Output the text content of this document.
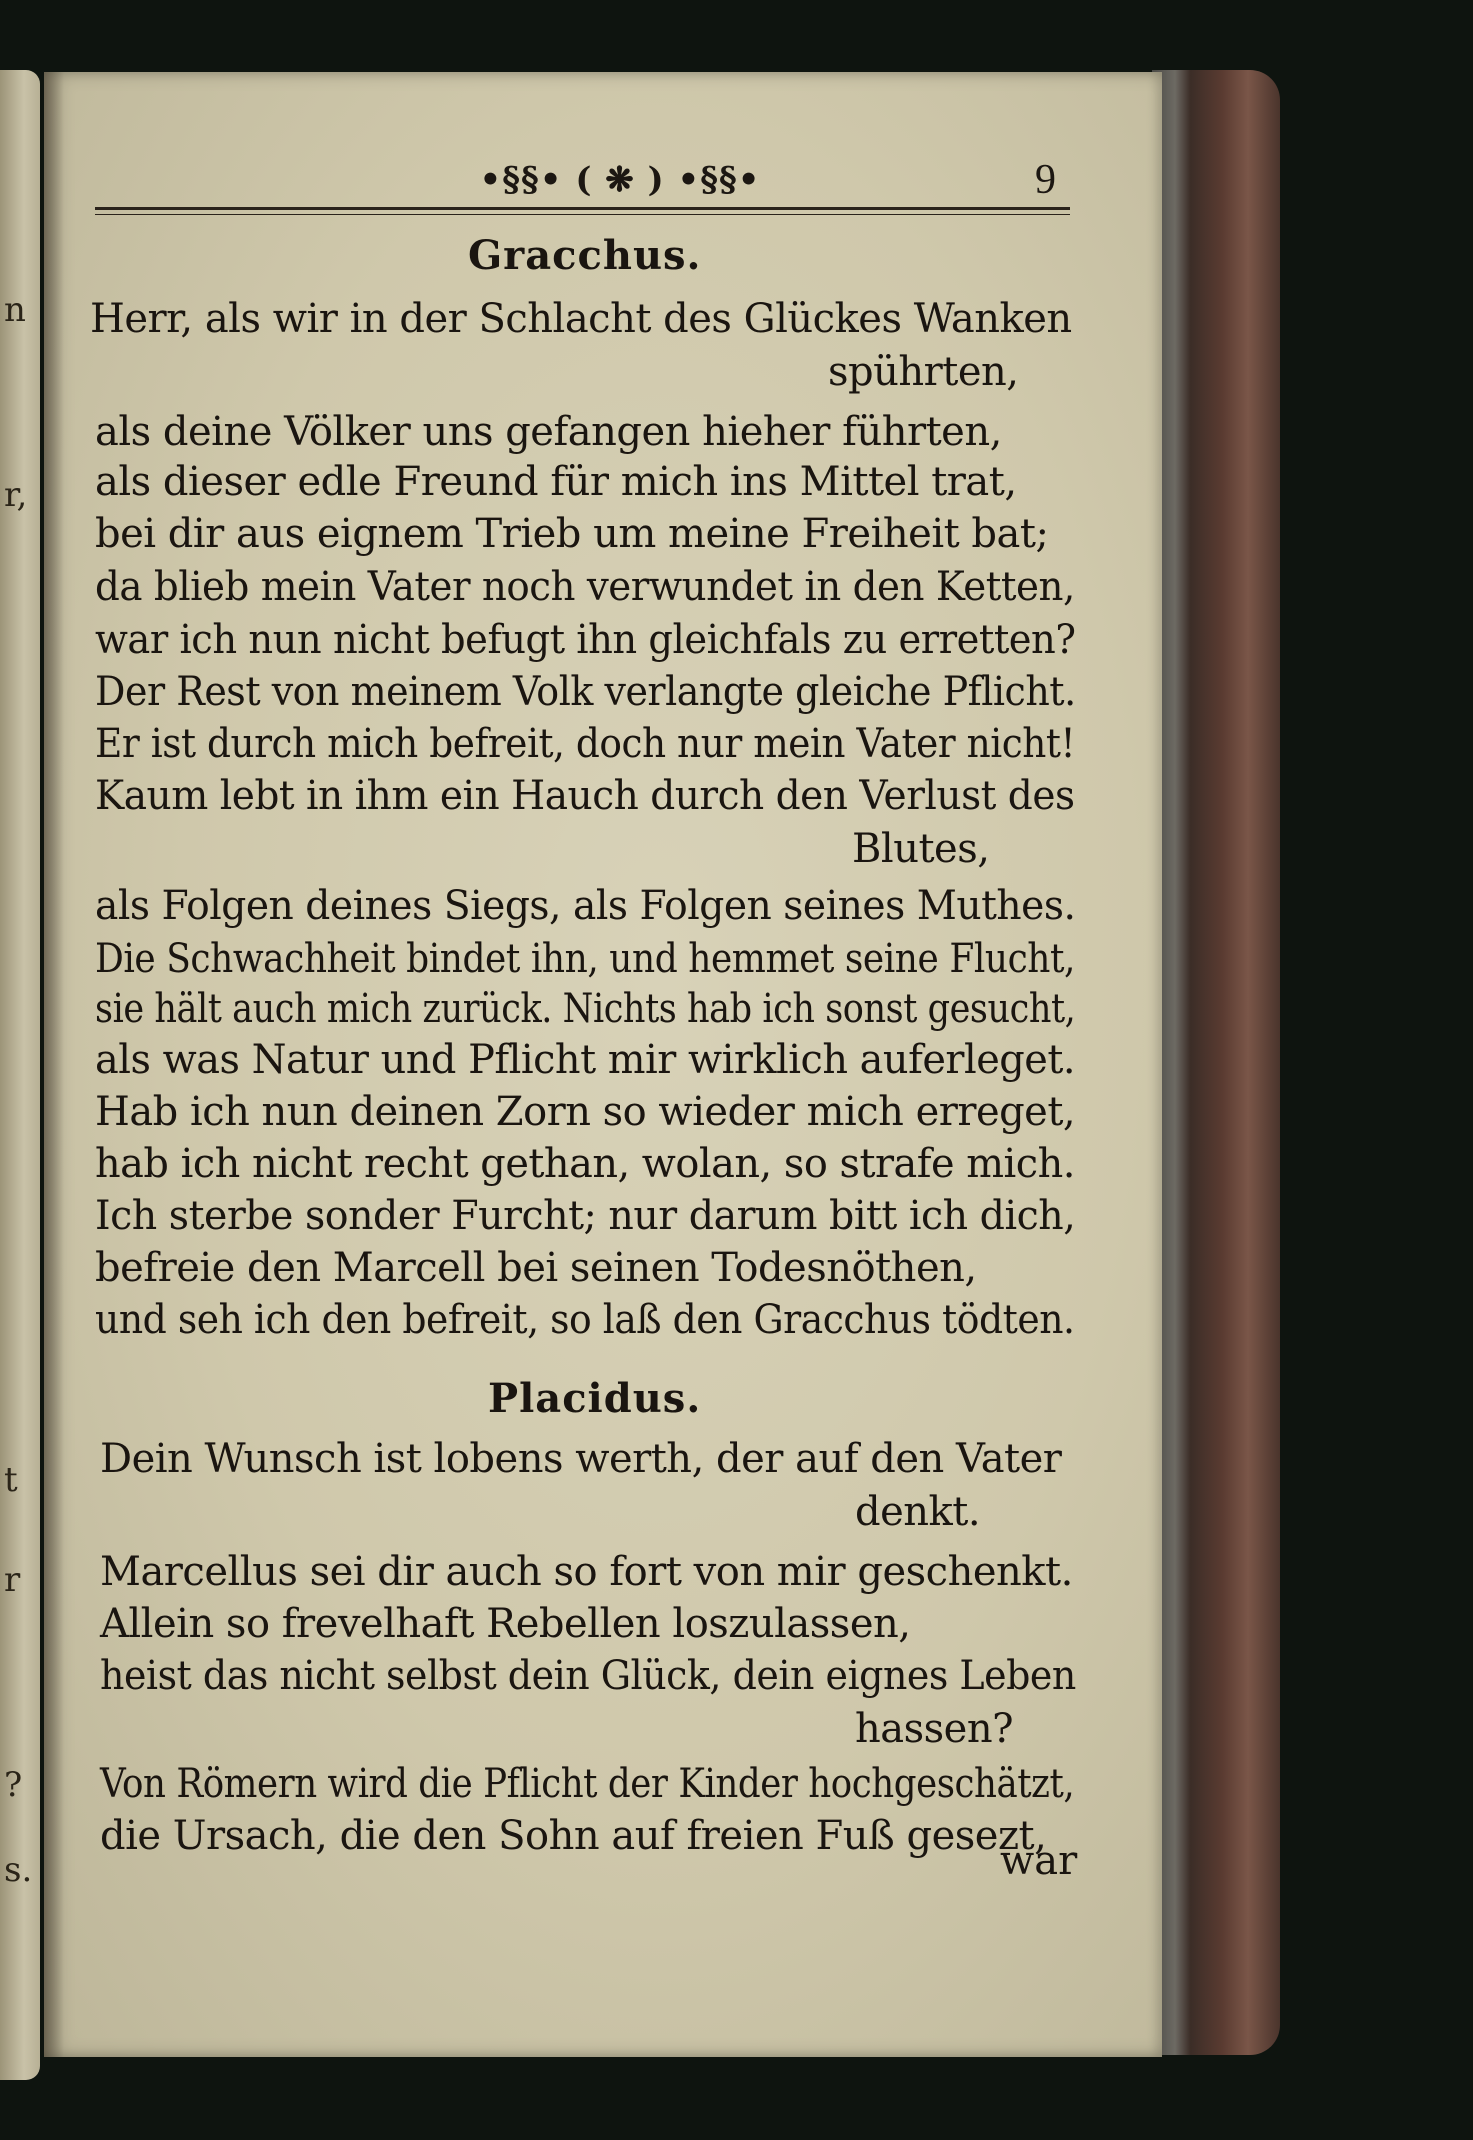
n
r,
t
r
?
s.
•§§• ( ❋ ) •§§•	9
Gracchus.
Herr, als wir in der Schlacht des Glückes Wanken
spührten,
als deine Völker uns gefangen hieher führten,
als dieser edle Freund für mich ins Mittel trat,
bei dir aus eignem Trieb um meine Freiheit bat;
da blieb mein Vater noch verwundet in den Ketten,
war ich nun nicht befugt ihn gleichfals zu erretten?
Der Rest von meinem Volk verlangte gleiche Pflicht.
Er ist durch mich befreit, doch nur mein Vater nicht!
Kaum lebt in ihm ein Hauch durch den Verlust des
Blutes,
als Folgen deines Siegs, als Folgen seines Muthes.
Die Schwachheit bindet ihn, und hemmet seine Flucht,
sie hält auch mich zurück. Nichts hab ich sonst gesucht,
als was Natur und Pflicht mir wirklich auferleget.
Hab ich nun deinen Zorn so wieder mich erreget,
hab ich nicht recht gethan, wolan, so strafe mich.
Ich sterbe sonder Furcht; nur darum bitt ich dich,
befreie den Marcell bei seinen Todesnöthen,
und seh ich den befreit, so laß den Gracchus tödten.
Placidus.
Dein Wunsch ist lobens werth, der auf den Vater
denkt.
Marcellus sei dir auch so fort von mir geschenkt.
Allein so frevelhaft Rebellen loszulassen,
heist das nicht selbst dein Glück, dein eignes Leben
hassen?
Von Römern wird die Pflicht der Kinder hochgeschätzt,
die Ursach, die den Sohn auf freien Fuß gesezt,
war
